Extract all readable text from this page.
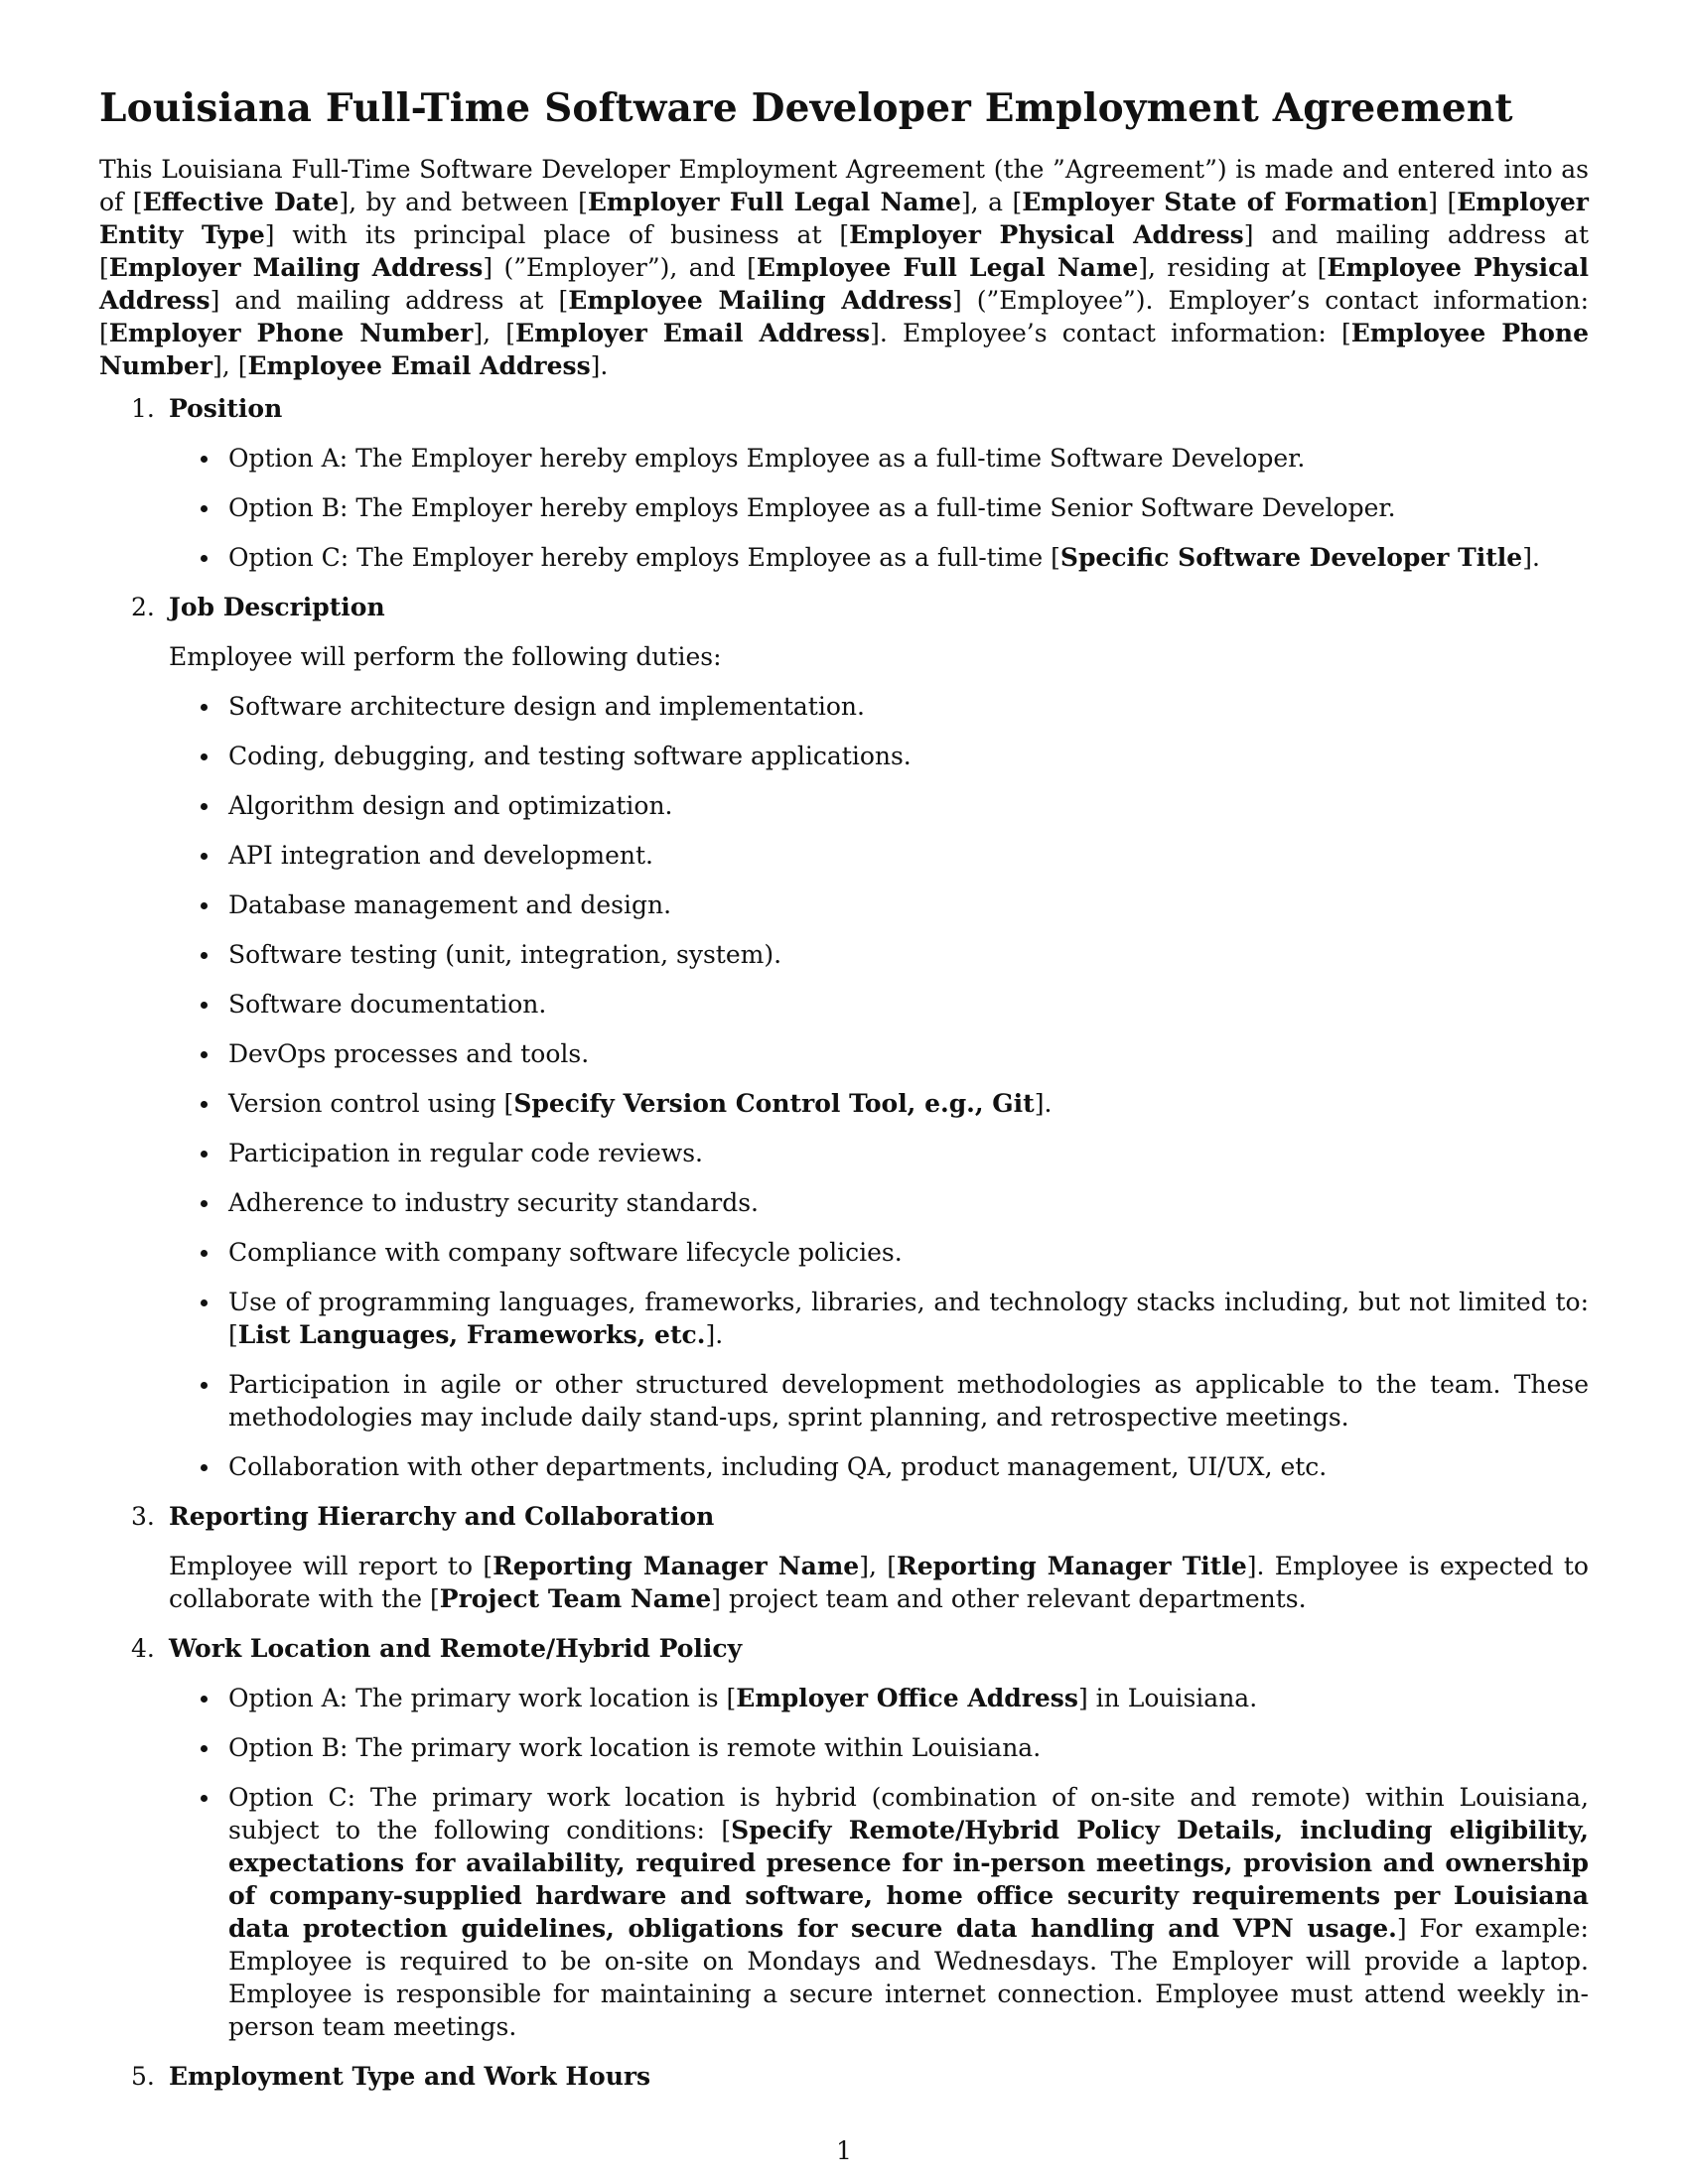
Louisiana Full-Time Software Developer Employment Agreement

This Louisiana Full-Time Software Developer Employment Agreement (the ”Agreement”) is made and entered into as of [Effective Date], by and between [Employer Full Legal Name], a [Employer State of Formation] [Employer Entity Type] with its principal place of business at [Employer Physical Address] and mailing address at [Employer Mailing Address] (”Employer”), and [Employee Full Legal Name], residing at [Employee Physical Address] and mailing address at [Employee Mailing Address] (”Employee”). Employer’s contact information: [Employer Phone Number], [Employer Email Address]. Employee’s contact information: [Employee Phone Number], [Employee Email Address].

1. Position
Option A: The Employer hereby employs Employee as a full-time Software Developer.
Option B: The Employer hereby employs Employee as a full-time Senior Software Developer.
Option C: The Employer hereby employs Employee as a full-time [Specific Software Developer Title].
2. Job Description

Employee will perform the following duties:

Software architecture design and implementation.
Coding, debugging, and testing software applications.
Algorithm design and optimization.
API integration and development.
Database management and design.
Software testing (unit, integration, system).
Software documentation.
DevOps processes and tools.
Version control using [Specify Version Control Tool, e.g., Git].
Participation in regular code reviews.
Adherence to industry security standards.
Compliance with company software lifecycle policies.
Use of programming languages, frameworks, libraries, and technology stacks including, but not limited to: [List Languages, Frameworks, etc.].
Participation in agile or other structured development methodologies as applicable to the team. These methodologies may include daily stand-ups, sprint planning, and retrospective meetings.
Collaboration with other departments, including QA, product management, UI/UX, etc.
3. Reporting Hierarchy and Collaboration

Employee will report to [Reporting Manager Name], [Reporting Manager Title]. Employee is expected to collaborate with the [Project Team Name] project team and other relevant departments.

4. Work Location and Remote/Hybrid Policy
Option A: The primary work location is [Employer Office Address] in Louisiana.
Option B: The primary work location is remote within Louisiana.
Option C: The primary work location is hybrid (combination of on-site and remote) within Louisiana, subject to the following conditions: [Specify Remote/Hybrid Policy Details, including eligibility, expectations for availability, required presence for in-person meetings, provision and ownership of company-supplied hardware and software, home office security requirements per Louisiana data protection guidelines, obligations for secure data handling and VPN usage.] For example: Employee is required to be on-site on Mondays and Wednesdays. The Employer will provide a laptop. Employee is responsible for maintaining a secure internet connection. Employee must attend weekly in-person team meetings.
5. Employment Type and Work Hours
1
